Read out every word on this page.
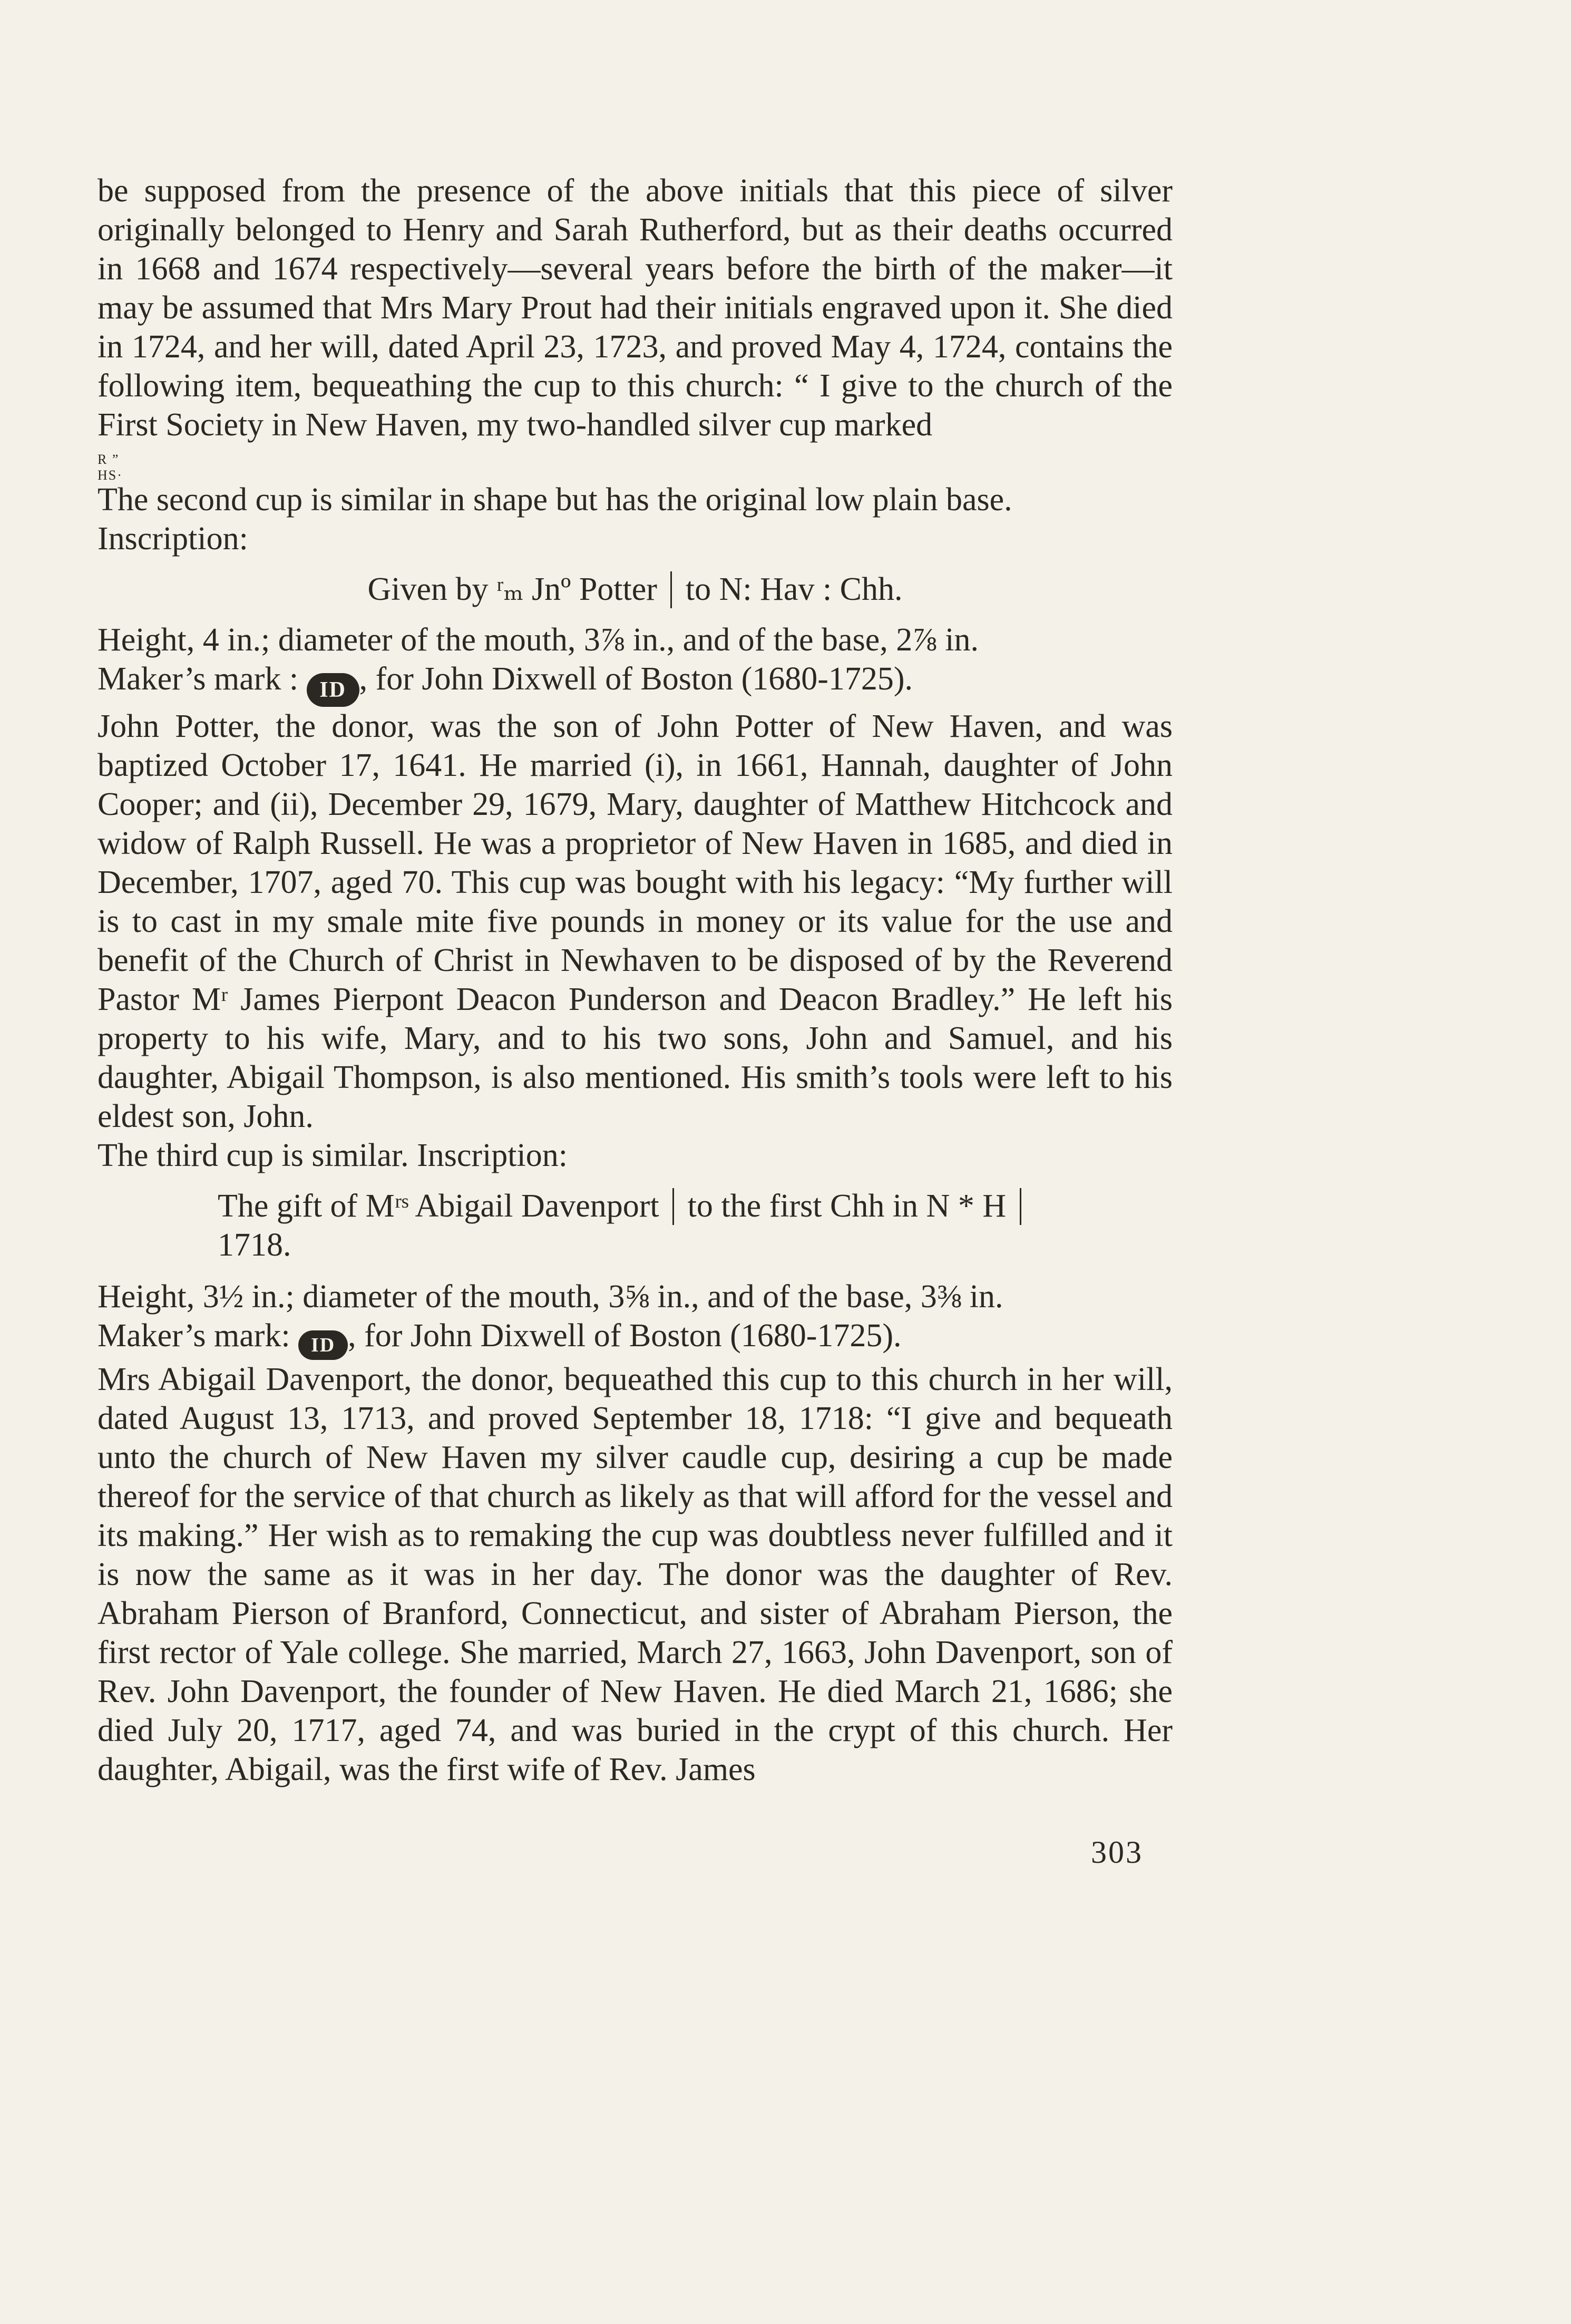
be supposed from the presence of the above initials that this piece of silver originally belonged to Henry and Sarah Rutherford, but as their deaths occurred in 1668 and 1674 respectively—several years before the birth of the maker—it may be assumed that Mrs Mary Prout had their initials engraved upon it. She died in 1724, and her will, dated April 23, 1723, and proved May 4, 1724, contains the following item, bequeathing the cup to this church: “ I give to the church of the First Society in New Haven, my two-handled silver cup marked

R ”
HS·

The second cup is similar in shape but has the original low plain base.

Inscription:

Given by ʳₘ Jnº Potter to N: Hav : Chh.

Height, 4 in.; diameter of the mouth, 3⅞ in., and of the base, 2⅞ in.

Maker’s mark : ID , for John Dixwell of Boston (1680-1725).

John Potter, the donor, was the son of John Potter of New Haven, and was baptized October 17, 1641. He married (i), in 1661, Hannah, daughter of John Cooper; and (ii), December 29, 1679, Mary, daughter of Matthew Hitchcock and widow of Ralph Russell. He was a proprietor of New Haven in 1685, and died in December, 1707, aged 70. This cup was bought with his legacy: “My further will is to cast in my smale mite five pounds in money or its value for the use and benefit of the Church of Christ in Newhaven to be disposed of by the Reverend Pastor Mʳ James Pierpont Deacon Punderson and Deacon Bradley.” He left his property to his wife, Mary, and to his two sons, John and Samuel, and his daughter, Abigail Thompson, is also mentioned. His smith’s tools were left to his eldest son, John.

The third cup is similar. Inscription:

The gift of Mʳˢ Abigail Davenport to the first Chh in N * H

1718.

Height, 3½ in.; diameter of the mouth, 3⅝ in., and of the base, 3⅜ in.

Maker’s mark: ID , for John Dixwell of Boston (1680-1725).

Mrs Abigail Davenport, the donor, bequeathed this cup to this church in her will, dated August 13, 1713, and proved September 18, 1718: “I give and bequeath unto the church of New Haven my silver caudle cup, desiring a cup be made thereof for the service of that church as likely as that will afford for the vessel and its making.” Her wish as to remaking the cup was doubtless never fulfilled and it is now the same as it was in her day. The donor was the daughter of Rev. Abraham Pierson of Branford, Connecticut, and sister of Abraham Pierson, the first rector of Yale college. She married, March 27, 1663, John Davenport, son of Rev. John Davenport, the founder of New Haven. He died March 21, 1686; she died July 20, 1717, aged 74, and was buried in the crypt of this church. Her daughter, Abigail, was the first wife of Rev. James

303
